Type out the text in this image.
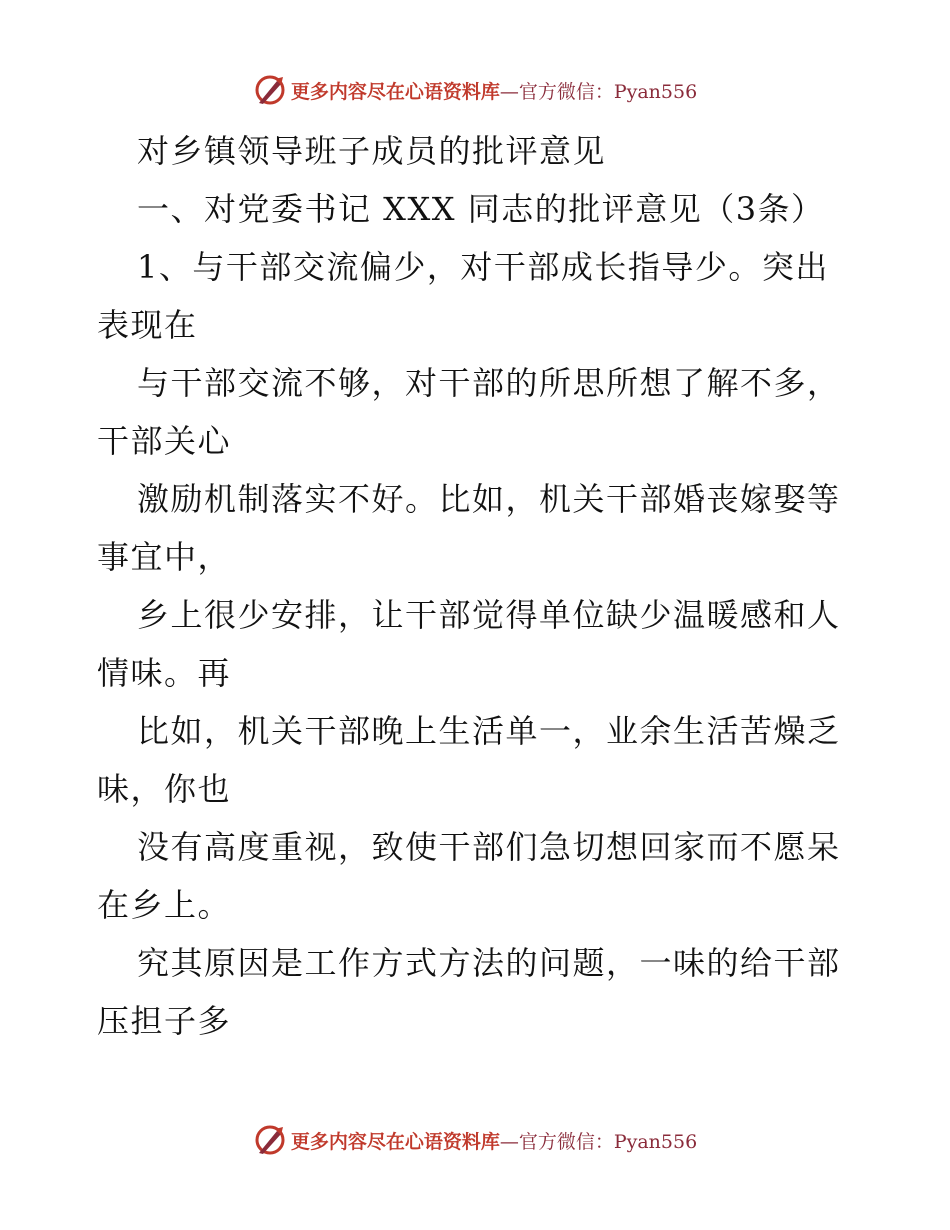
更多内容尽在心语资料库—官方微信：Pyan556
对乡镇领导班子成员的批评意见
一、对党委书记 XXX 同志的批评意见（3条）
1、与干部交流偏少，对干部成长指导少。突出
表现在
与干部交流不够，对干部的所思所想了解不多，
干部关心
激励机制落实不好。比如，机关干部婚丧嫁娶等
事宜中，
乡上很少安排，让干部觉得单位缺少温暖感和人
情味。再
比如，机关干部晚上生活单一，业余生活苦燥乏
味，你也
没有高度重视，致使干部们急切想回家而不愿呆
在乡上。
究其原因是工作方式方法的问题，一味的给干部
压担子多
更多内容尽在心语资料库—官方微信：Pyan556
